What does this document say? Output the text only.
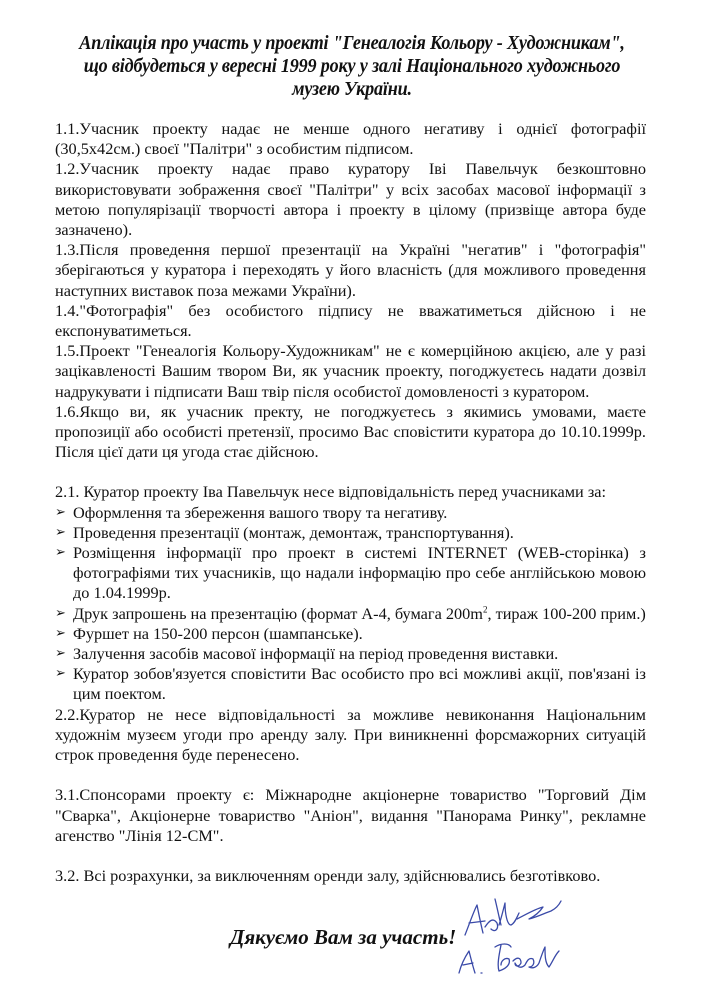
Аплікація про участь у проекті "Генеалогія Кольору - Художникам",
що відбудеться у вересні 1999 року у залі Національного художнього
музею України.

1.1.Учасник проекту надає не менше одного негативу і однієї фотографії (30,5х42см.) своєї "Палітри" з особистим підписом.

1.2.Учасник проекту надає право куратору Іві Павельчук безкоштовно використовувати зображення своєї "Палітри" у всіх засобах масової інформації з метою популярізації творчості автора і проекту в цілому (призвіще автора буде зазначено).

1.3.Після проведення першої презентації на Україні "негатив" і "фотографія" зберігаються у куратора і переходять у його власність (для можливого проведення наступних виставок поза межами України).

1.4."Фотографія" без особистого підпису не вважатиметься дійсною і не експонуватиметься.

1.5.Проект "Генеалогія Кольору-Художникам" не є комерційною акцією, але у разі зацікавленості Вашим твором Ви, як учасник проекту, погоджуєтесь надати дозвіл надрукувати і підписати Ваш твір після особистої домовленості з куратором.

1.6.Якщо ви, як учасник пректу, не погоджуєтесь з якимись умовами, маєте пропозиції або особисті претензії, просимо Вас сповістити куратора до 10.10.1999р. Після цієї дати ця угода стає дійсною.

2.1. Куратор проекту Іва Павельчук несе відповідальність перед учасниками за:

➢ Оформлення та збереження вашого твору та негативу.
➢ Проведення презентації (монтаж, демонтаж, транспортування).
➢ Розміщення інформації про проект в системі INTERNET (WEB-сторінка) з фотографіями тих учасників, що надали інформацію про себе англійською мовою до 1.04.1999р.
➢ Друк запрошень на презентацію (формат А-4, бумага $200m^2$, тираж 100-200 прим.)
➢ Фуршет на 150-200 персон (шампанське).
➢ Залучення засобів масової інформації на період проведення виставки.
➢ Куратор зобов'язуется сповістити Вас особисто про всі можливі акції, пов'язані із цим поектом.

2.2.Куратор не несе відповідальності за можливе невиконання Національним художнім музеєм угоди про аренду залу. При виникненні форсмажорних ситуацій строк проведення буде перенесено.

3.1.Спонсорами проекту є: Міжнародне акціонерне товариство "Торговий Дім "Сварка", Акціонерне товариство "Аніон", видання "Панорама Ринку", рекламне агенство "Лінія 12-СМ".

3.2. Всі розрахунки, за виключенням оренди залу, здійснювались безготівково.

Дякуємо Вам за участь!
